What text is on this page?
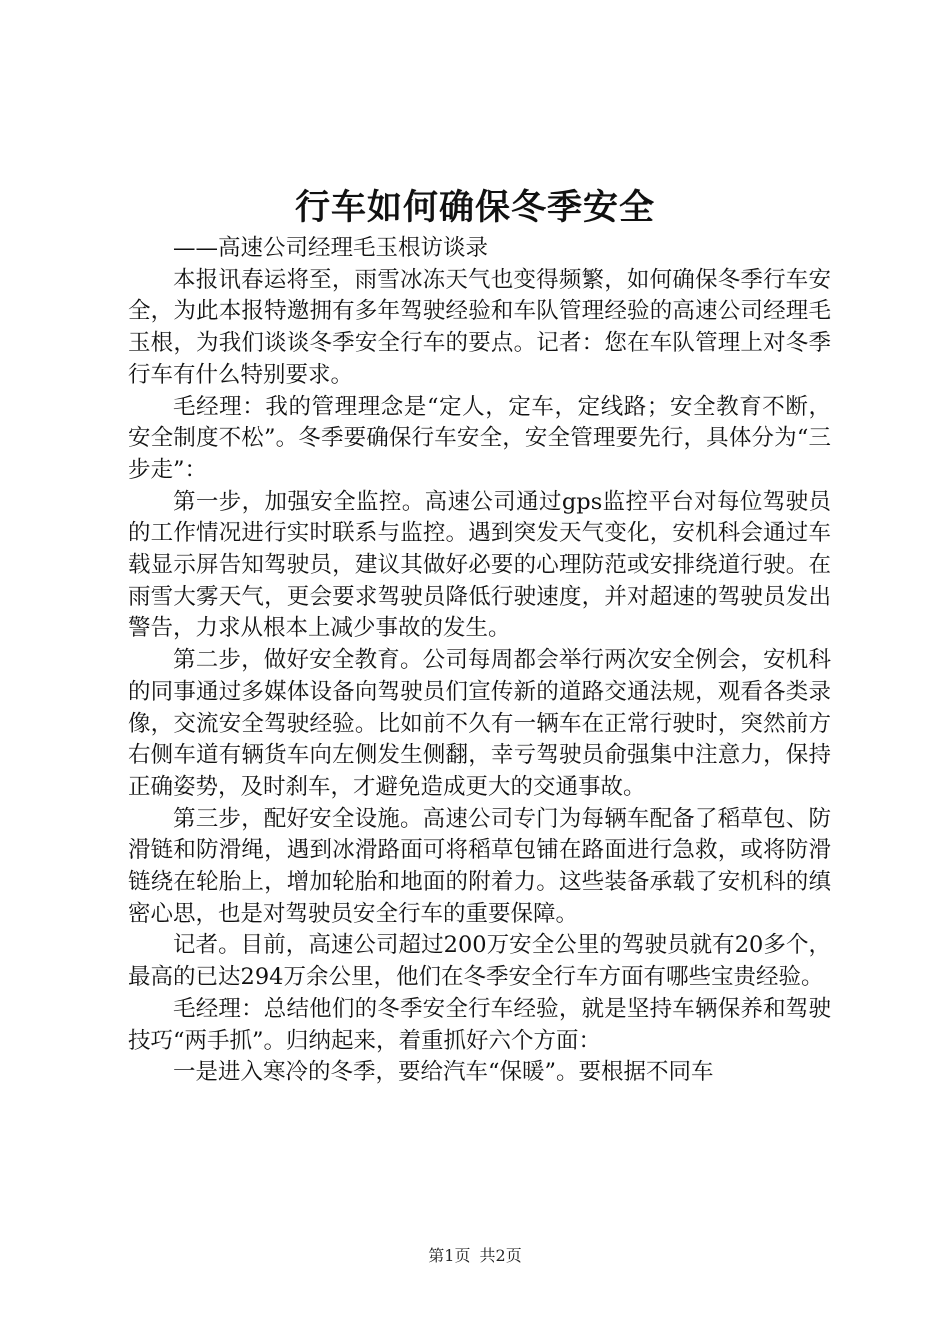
行车如何确保冬季安全

——高速公司经理毛玉根访谈录

本报讯春运将至，雨雪冰冻天气也变得频繁，如何确保冬季行车安全，为此本报特邀拥有多年驾驶经验和车队管理经验的高速公司经理毛玉根，为我们谈谈冬季安全行车的要点。记者：您在车队管理上对冬季行车有什么特别要求。

毛经理：我的管理理念是“定人，定车，定线路；安全教育不断，安全制度不松”。冬季要确保行车安全，安全管理要先行，具体分为“三步走”：

第一步，加强安全监控。高速公司通过gps监控平台对每位驾驶员的工作情况进行实时联系与监控。遇到突发天气变化，安机科会通过车载显示屏告知驾驶员，建议其做好必要的心理防范或安排绕道行驶。在雨雪大雾天气，更会要求驾驶员降低行驶速度，并对超速的驾驶员发出警告，力求从根本上减少事故的发生。

第二步，做好安全教育。公司每周都会举行两次安全例会，安机科的同事通过多媒体设备向驾驶员们宣传新的道路交通法规，观看各类录像，交流安全驾驶经验。比如前不久有一辆车在正常行驶时，突然前方右侧车道有辆货车向左侧发生侧翻，幸亏驾驶员俞强集中注意力，保持正确姿势，及时刹车，才避免造成更大的交通事故。

第三步，配好安全设施。高速公司专门为每辆车配备了稻草包、防滑链和防滑绳，遇到冰滑路面可将稻草包铺在路面进行急救，或将防滑链绕在轮胎上，增加轮胎和地面的附着力。这些装备承载了安机科的缜密心思，也是对驾驶员安全行车的重要保障。

记者。目前，高速公司超过200万安全公里的驾驶员就有20多个，最高的已达294万余公里，他们在冬季安全行车方面有哪些宝贵经验。

毛经理：总结他们的冬季安全行车经验，就是坚持车辆保养和驾驶技巧“两手抓”。归纳起来，着重抓好六个方面：

一是进入寒冷的冬季，要给汽车“保暖”。要根据不同车

第1页 共2页
